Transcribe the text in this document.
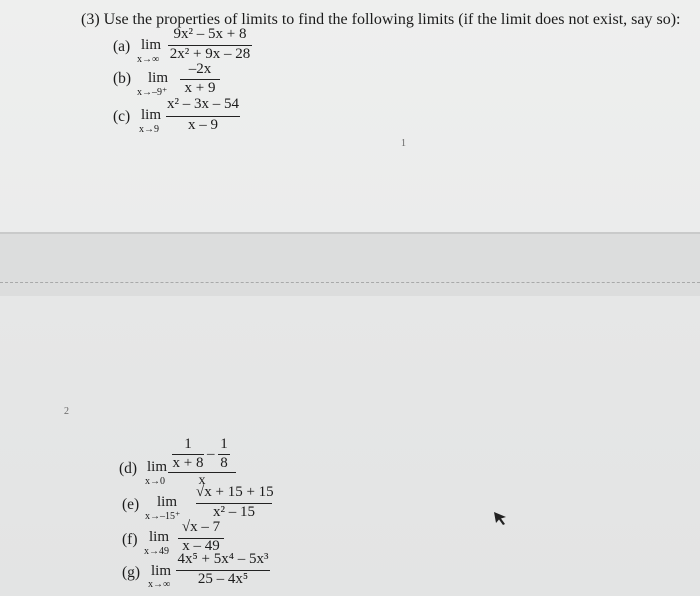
(3) Use the properties of limits to find the following limits (if the limit does not exist, say so):
(a) lim
x→∞
9x² – 5x + 8
2x² + 9x – 28
(b) lim
x→–9⁺
–2x
x + 9
(c) lim
x→9
x² – 3x – 54
x – 9
1
2
(d) lim
x→0
1
x + 8
–
1
8
x
(e) lim
x→–15⁺
√x + 15 + 15
x² – 15
(f) lim
x→49
√x – 7
x – 49
(g) lim
x→∞
4x⁵ + 5x⁴ – 5x³
25 – 4x⁵
